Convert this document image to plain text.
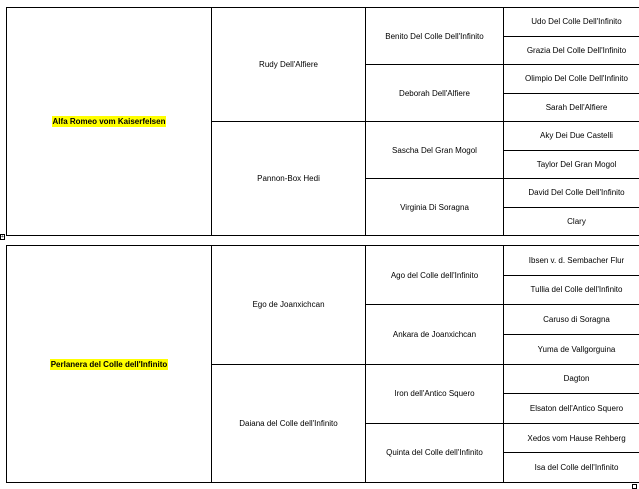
Alfa Romeo vom Kaiserfelsen	Rudy Dell'Alfiere	Benito Del Colle Dell'Infinito	Udo Del Colle Dell'Infinito
			Grazia Del Colle Dell'Infinito
		Deborah Dell'Alfiere	Olimpio Del Colle Dell'Infinito
			Sarah Dell'Alfiere
	Pannon-Box Hedi	Sascha Del Gran Mogol	Aky Dei Due Castelli
			Taylor Del Gran Mogol
		Virginia Di Soragna	David Del Colle Dell'Infinito
			Clary
+
Perlanera del Colle dell'Infinito	Ego de Joanxichcan	Ago del Colle dell'Infinito	Ibsen v. d. Sembacher Flur
			Tullia del Colle dell'Infinito
		Ankara de Joanxichcan	Caruso di Soragna
			Yuma de Vallgorguina
	Daiana del Colle dell'Infinito	Iron dell'Antico Squero	Dagton
			Elsaton dell'Antico Squero
		Quinta del Colle dell'Infinito	Xedos vom Hause Rehberg
			Isa del Colle dell'Infinito
